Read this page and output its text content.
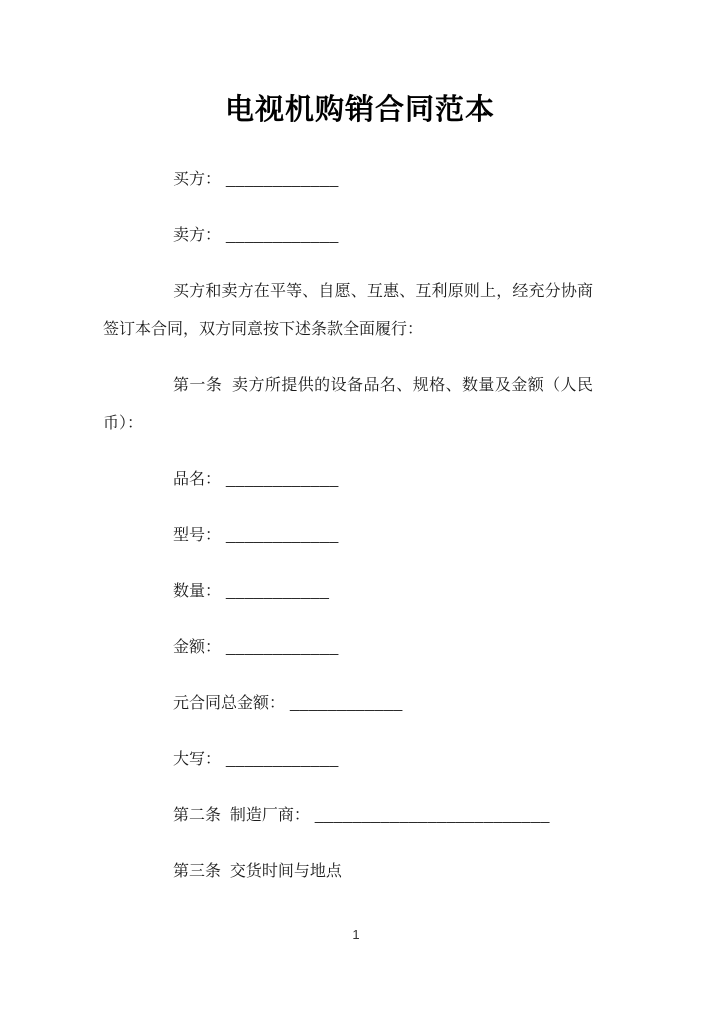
电视机购销合同范本

买方： ____________

卖方： ____________

买方和卖方在平等、自愿、互惠、互利原则上，经充分协商签订本合同，双方同意按下述条款全面履行：

第一条  卖方所提供的设备品名、规格、数量及金额（人民币）：

品名： ____________

型号： ____________

数量： ___________

金额： ____________

元合同总金额： ____________

大写： ____________

第二条  制造厂商： _________________________

第三条  交货时间与地点

1
